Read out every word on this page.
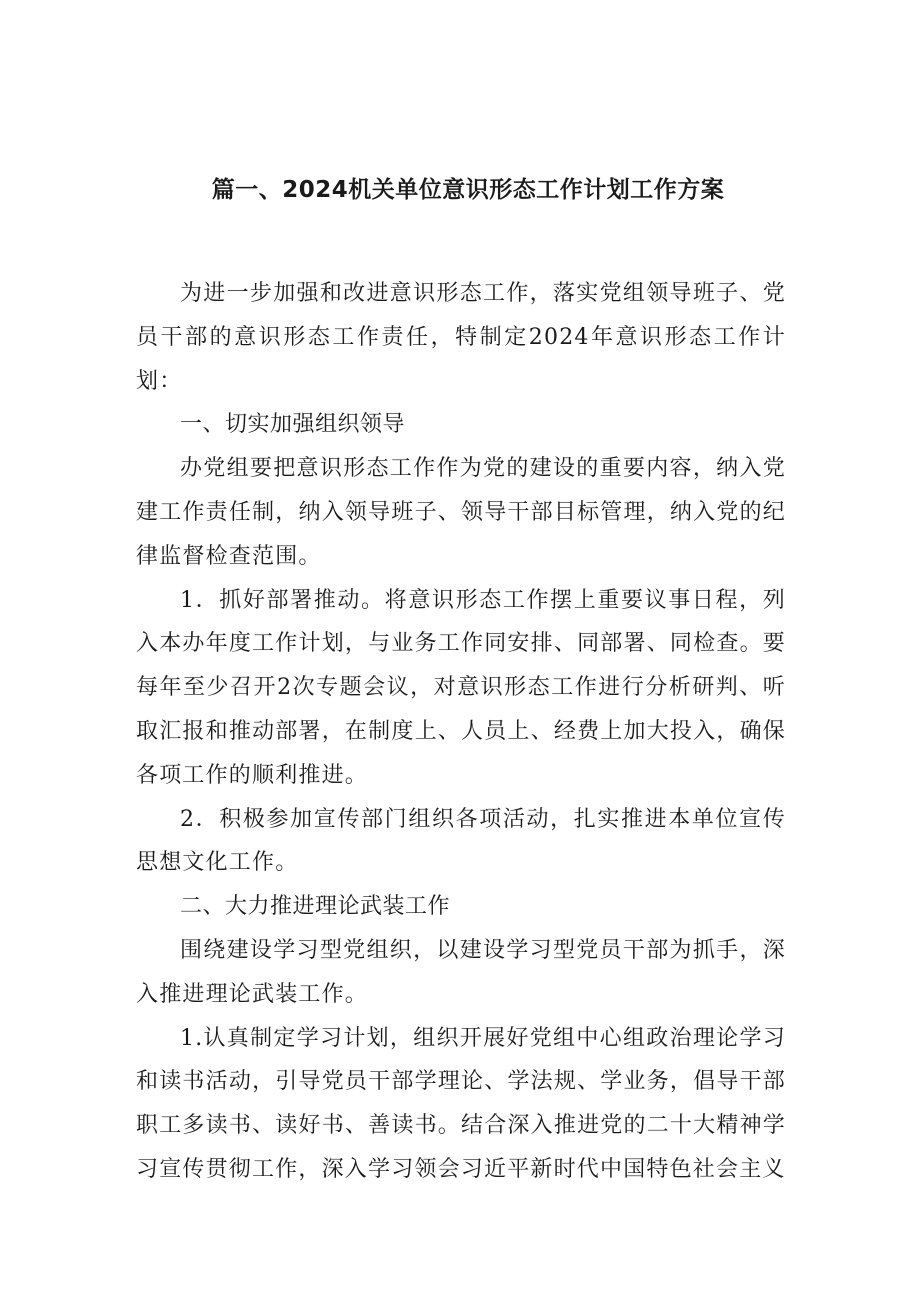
篇一、2024机关单位意识形态工作计划工作方案

为进一步加强和改进意识形态工作，落实党组领导班子、党员干部的意识形态工作责任，特制定2024年意识形态工作计划：

一、切实加强组织领导

办党组要把意识形态工作作为党的建设的重要内容，纳入党建工作责任制，纳入领导班子、领导干部目标管理，纳入党的纪律监督检查范围。

1．抓好部署推动。将意识形态工作摆上重要议事日程，列入本办年度工作计划，与业务工作同安排、同部署、同检查。要每年至少召开2次专题会议，对意识形态工作进行分析研判、听取汇报和推动部署，在制度上、人员上、经费上加大投入，确保各项工作的顺利推进。

2．积极参加宣传部门组织各项活动，扎实推进本单位宣传思想文化工作。

二、大力推进理论武装工作

围绕建设学习型党组织，以建设学习型党员干部为抓手，深入推进理论武装工作。

1.认真制定学习计划，组织开展好党组中心组政治理论学习和读书活动，引导党员干部学理论、学法规、学业务，倡导干部职工多读书、读好书、善读书。结合深入推进党的二十大精神学习宣传贯彻工作，深入学习领会习近平新时代中国特色社会主义
